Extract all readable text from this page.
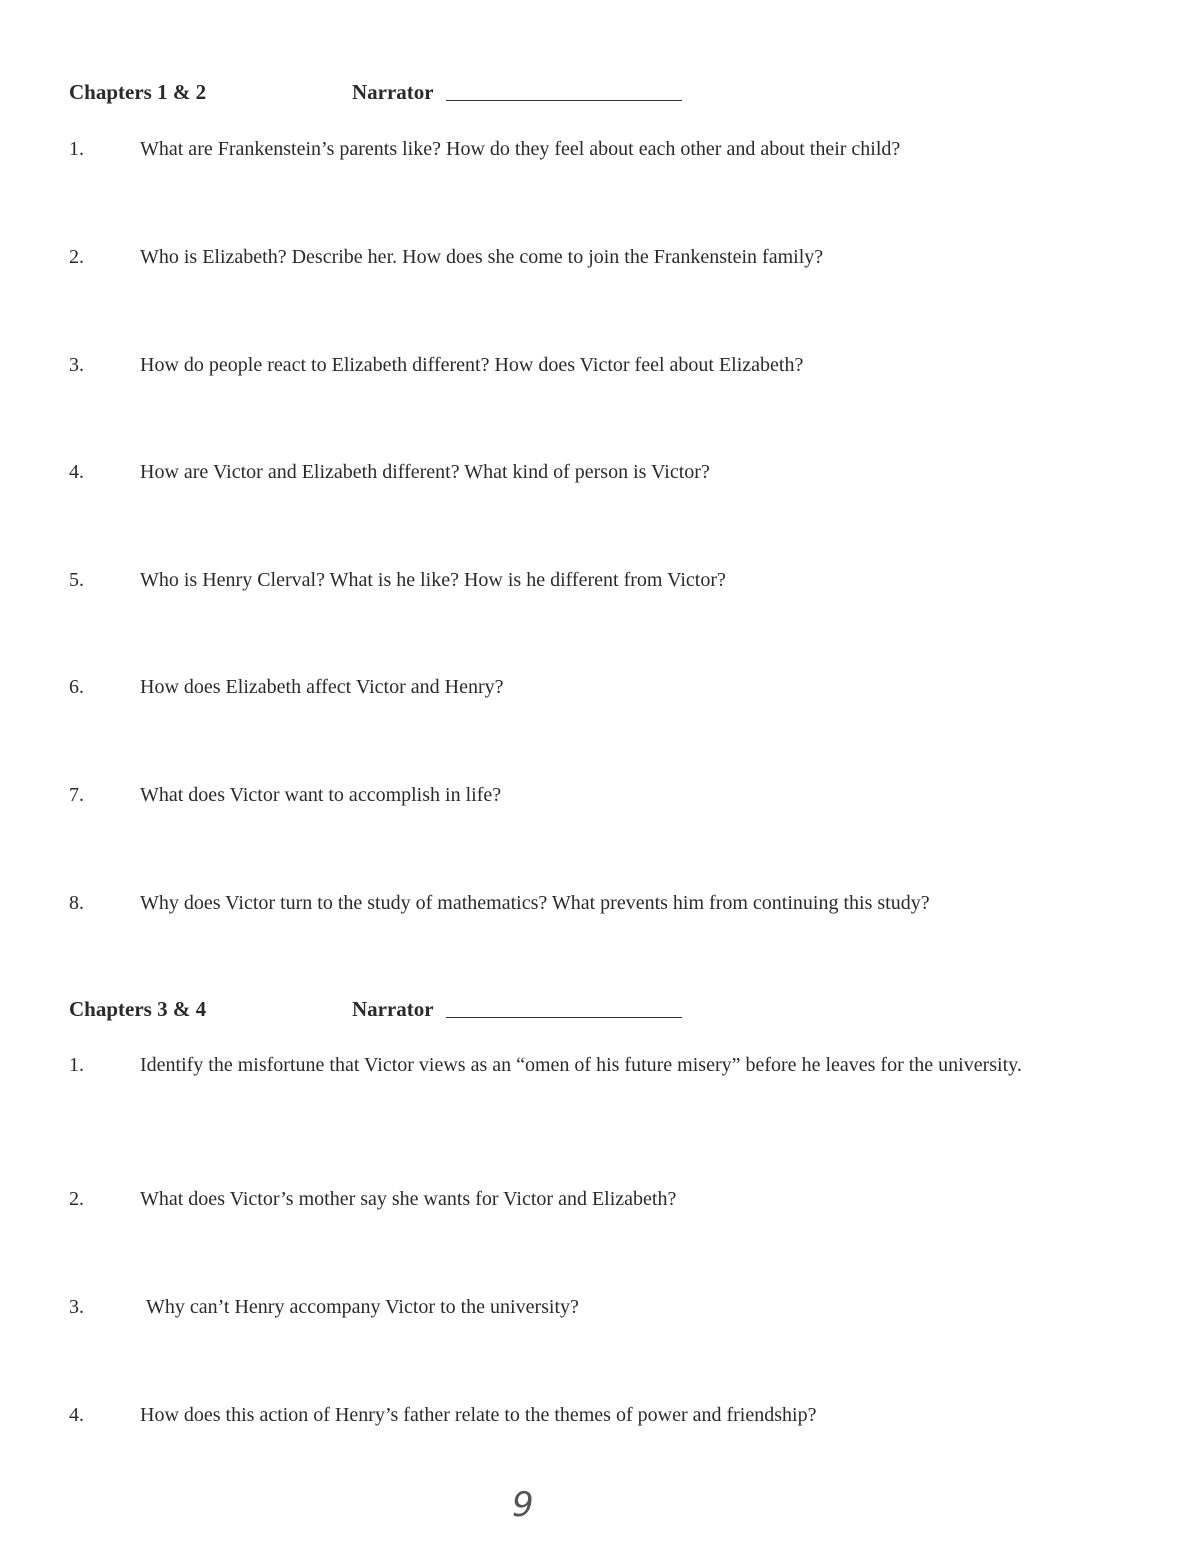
Chapters 1 & 2	Narrator
1.	What are Frankenstein’s parents like? How do they feel about each other and about their child?
2.	Who is Elizabeth? Describe her. How does she come to join the Frankenstein family?
3.	How do people react to Elizabeth different? How does Victor feel about Elizabeth?
4.	How are Victor and Elizabeth different? What kind of person is Victor?
5.	Who is Henry Clerval? What is he like? How is he different from Victor?
6.	How does Elizabeth affect Victor and Henry?
7.	What does Victor want to accomplish in life?
8.	Why does Victor turn to the study of mathematics? What prevents him from continuing this study?
Chapters 3 & 4	Narrator
1.	Identify the misfortune that Victor views as an “omen of his future misery” before he leaves for the university.
2.	What does Victor’s mother say she wants for Victor and Elizabeth?
3.	Why can’t Henry accompany Victor to the university?
4.	How does this action of Henry’s father relate to the themes of power and friendship?
9
